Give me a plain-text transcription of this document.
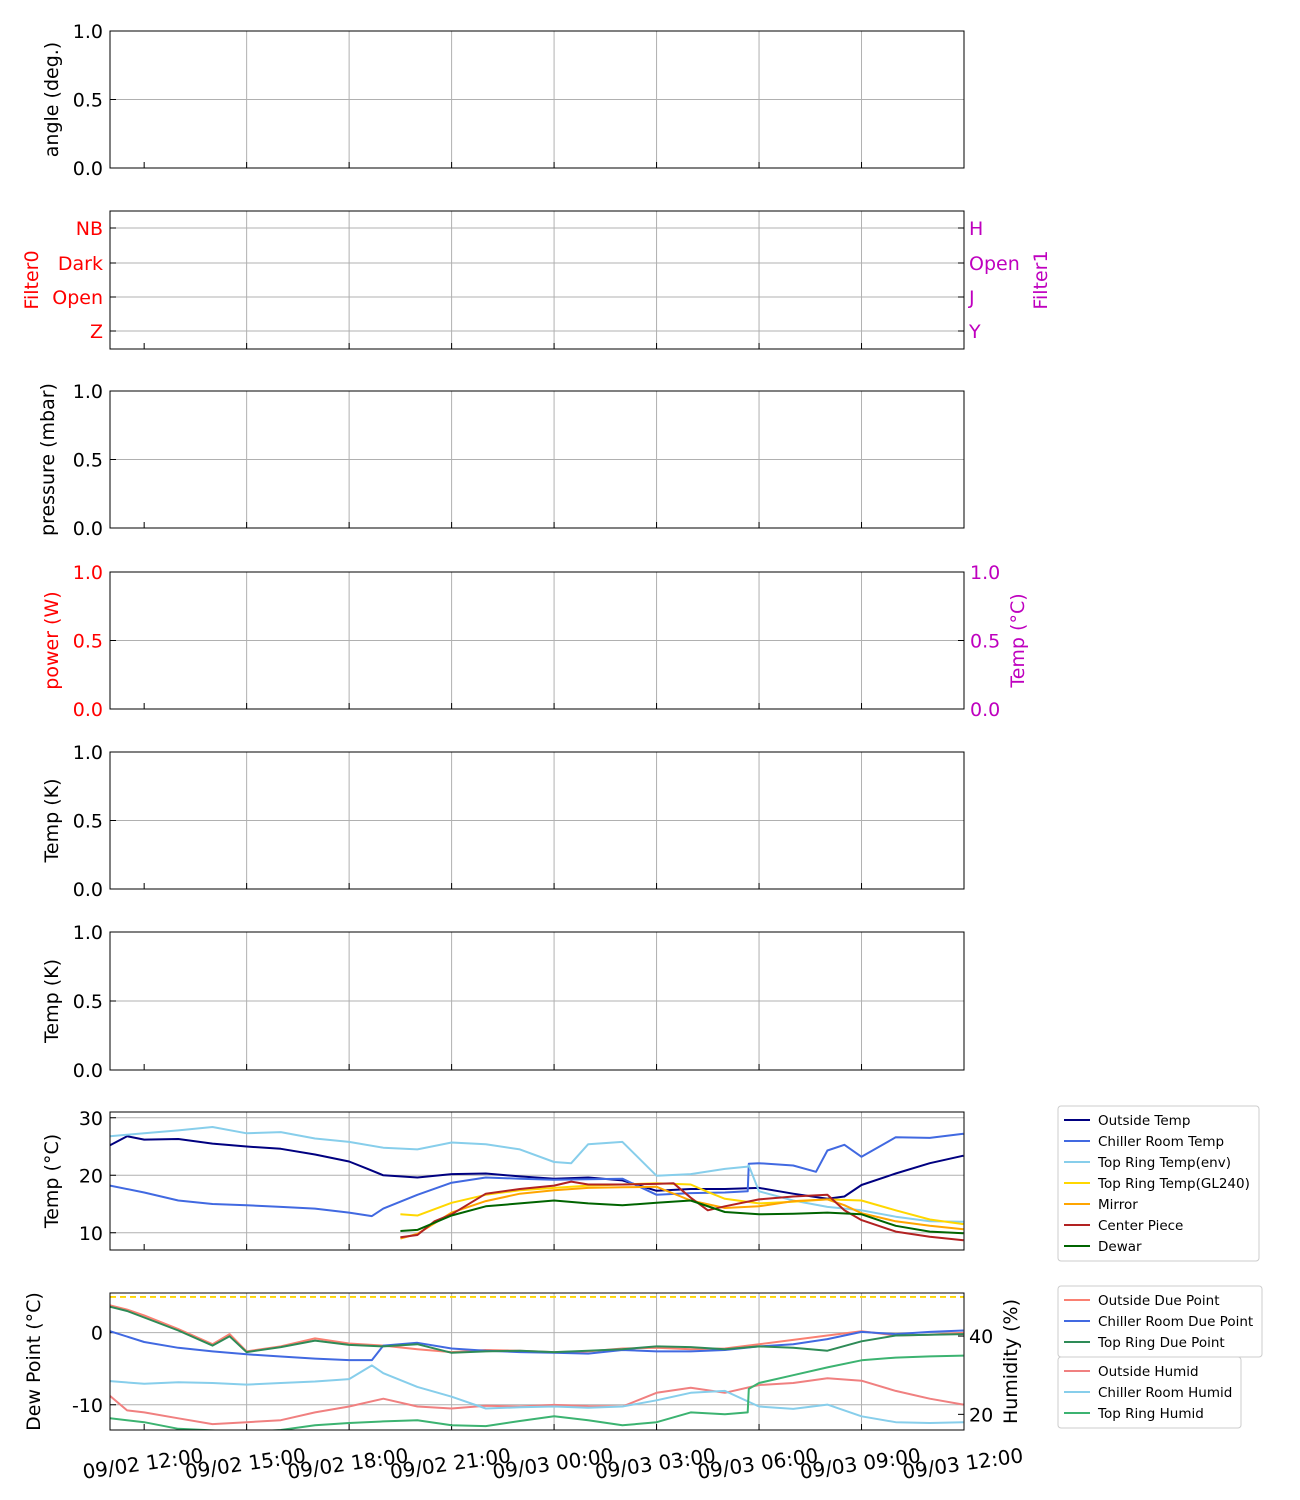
0.0
0.5
1.0
angle (deg.)
Z	Y
Open	J
Dark	Open
NB	H
Filter0	Filter1
0.0
0.5
1.0
pressure (mbar)
0.0
0.5
1.0
power (W)
0.0
0.5
1.0
Temp (°C)
0.0
0.5
1.0
Temp (K)
0.0
0.5
1.0
Temp (K)
10
20
30
Temp (°C)
-10
0
Dew Point (°C)	20
40 Humidity (%)
09/02 12:00
09/02 15:00
09/02 18:00
09/02 21:00
09/03 00:00
09/03 03:00
09/03 06:00
09/03 09:00
09/03 12:00
Outside Temp
Chiller Room Temp
Top Ring Temp(env)
Top Ring Temp(GL240)
Mirror
Center Piece
Dewar
Outside Due Point
Chiller Room Due Point
Top Ring Due Point
Outside Humid
Chiller Room Humid
Top Ring Humid
